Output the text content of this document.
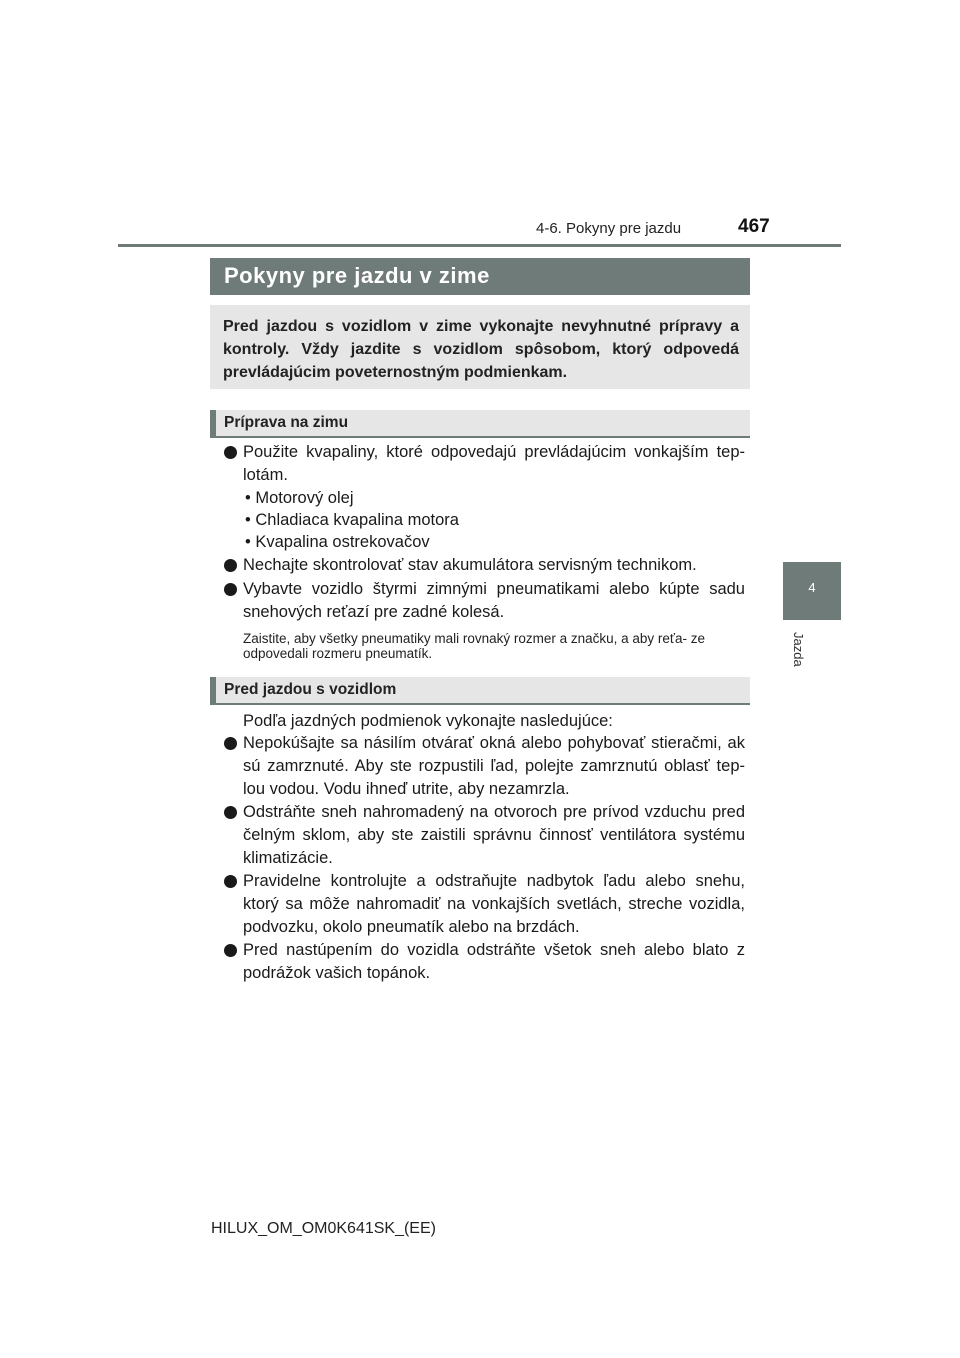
4-6. Pokyny pre jazdu	467
4
Jazda
Pokyny pre jazdu v zime
Pred jazdou s vozidlom v zime vykonajte nevyhnutné prípravy a kontroly. Vždy jazdite s vozidlom spôsobom, ktorý odpovedá prevládajúcim poveternostným podmienkam.
Príprava na zimu
Použite kvapaliny, ktoré odpovedajú prevládajúcim vonkajším tep- lotám.
• Motorový olej
• Chladiaca kvapalina motora
• Kvapalina ostrekovačov
Nechajte skontrolovať stav akumulátora servisným technikom.
Vybavte vozidlo štyrmi zimnými pneumatikami alebo kúpte sadu snehových reťazí pre zadné kolesá.
Zaistite, aby všetky pneumatiky mali rovnaký rozmer a značku, a aby reťa- ze odpovedali rozmeru pneumatík.
Pred jazdou s vozidlom
Podľa jazdných podmienok vykonajte nasledujúce:
Nepokúšajte sa násilím otvárať okná alebo pohybovať stieračmi, ak sú zamrznuté. Aby ste rozpustili ľad, polejte zamrznutú oblasť tep- lou vodou. Vodu ihneď utrite, aby nezamrzla.
Odstráňte sneh nahromadený na otvoroch pre prívod vzduchu pred čelným sklom, aby ste zaistili správnu činnosť ventilátora systému klimatizácie.
Pravidelne kontrolujte a odstraňujte nadbytok ľadu alebo snehu, ktorý sa môže nahromadiť na vonkajších svetlách, streche vozidla, podvozku, okolo pneumatík alebo na brzdách.
Pred nastúpením do vozidla odstráňte všetok sneh alebo blato z podrážok vašich topánok.
HILUX_OM_OM0K641SK_(EE)
